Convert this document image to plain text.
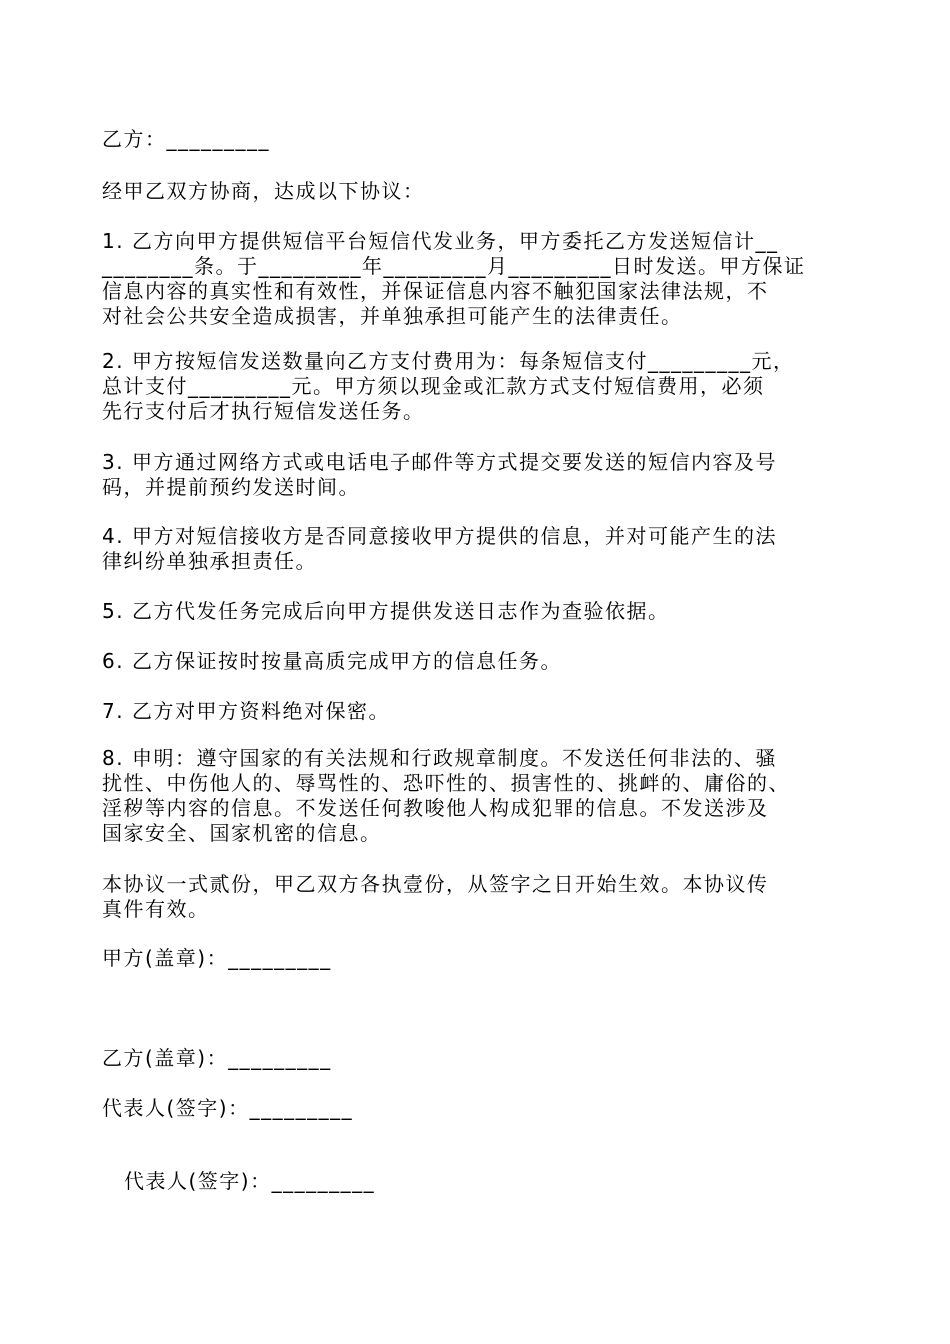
乙方：_________
经甲乙双方协商，达成以下协议：
1. 乙方向甲方提供短信平台短信代发业务，甲方委托乙方发送短信计__
________条。于_________年_________月_________日时发送。甲方保证
信息内容的真实性和有效性，并保证信息内容不触犯国家法律法规，不
对社会公共安全造成损害，并单独承担可能产生的法律责任。
2. 甲方按短信发送数量向乙方支付费用为：每条短信支付_________元，
总计支付_________元。甲方须以现金或汇款方式支付短信费用，必须
先行支付后才执行短信发送任务。
3. 甲方通过网络方式或电话电子邮件等方式提交要发送的短信内容及号
码，并提前预约发送时间。
4. 甲方对短信接收方是否同意接收甲方提供的信息，并对可能产生的法
律纠纷单独承担责任。
5. 乙方代发任务完成后向甲方提供发送日志作为查验依据。
6. 乙方保证按时按量高质完成甲方的信息任务。
7. 乙方对甲方资料绝对保密。
8. 申明：遵守国家的有关法规和行政规章制度。不发送任何非法的、骚
扰性、中伤他人的、辱骂性的、恐吓性的、损害性的、挑衅的、庸俗的、
淫秽等内容的信息。不发送任何教唆他人构成犯罪的信息。不发送涉及
国家安全、国家机密的信息。
本协议一式贰份，甲乙双方各执壹份，从签字之日开始生效。本协议传
真件有效。
甲方(盖章)：_________
乙方(盖章)：_________
代表人(签字)：_________
代表人(签字)：_________
